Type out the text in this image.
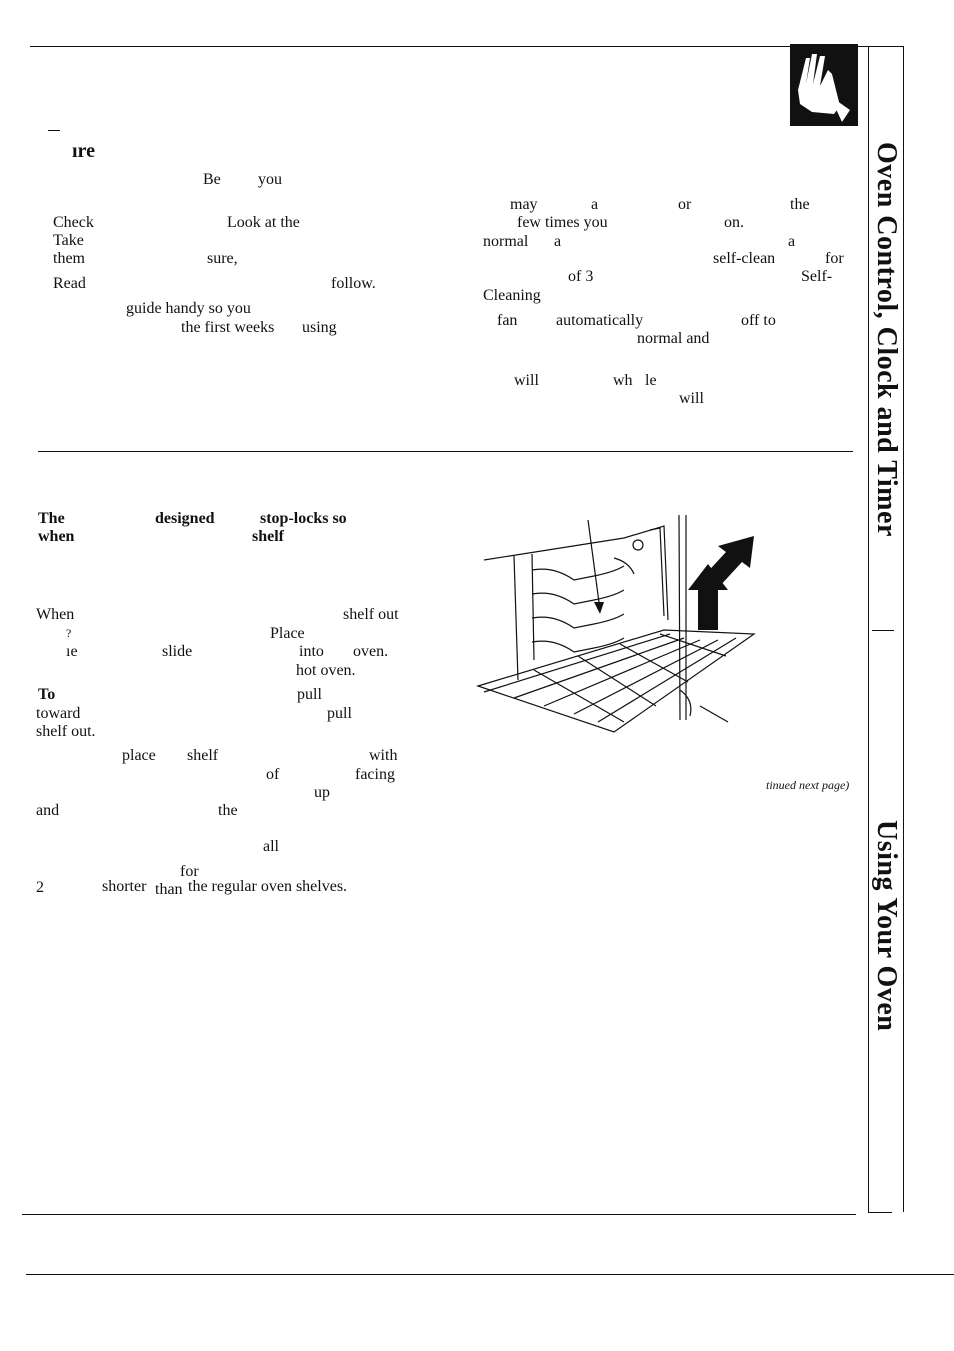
Oven Control, Clock and Timer
Using Your Oven
ıre
Be you
Check	Look at the
Take
them	sure,
Read	follow.
guide handy so you
the first weeks using
may	a	or	the
few times you	on.
normal a	a
self-clean	for
of 3	Self-
Cleaning
fan automatically	off to
normal and
will	wh le
will
The	designed	stop-locks so
when	shelf
When	shelf out
?	Place
ıe	slide	into oven.
hot oven.
To	pull
toward	pull
shelf out.
place shelf	with
of	facing
up
and	the
all
for
2	shorter than the regular oven shelves.
tinued next page)
